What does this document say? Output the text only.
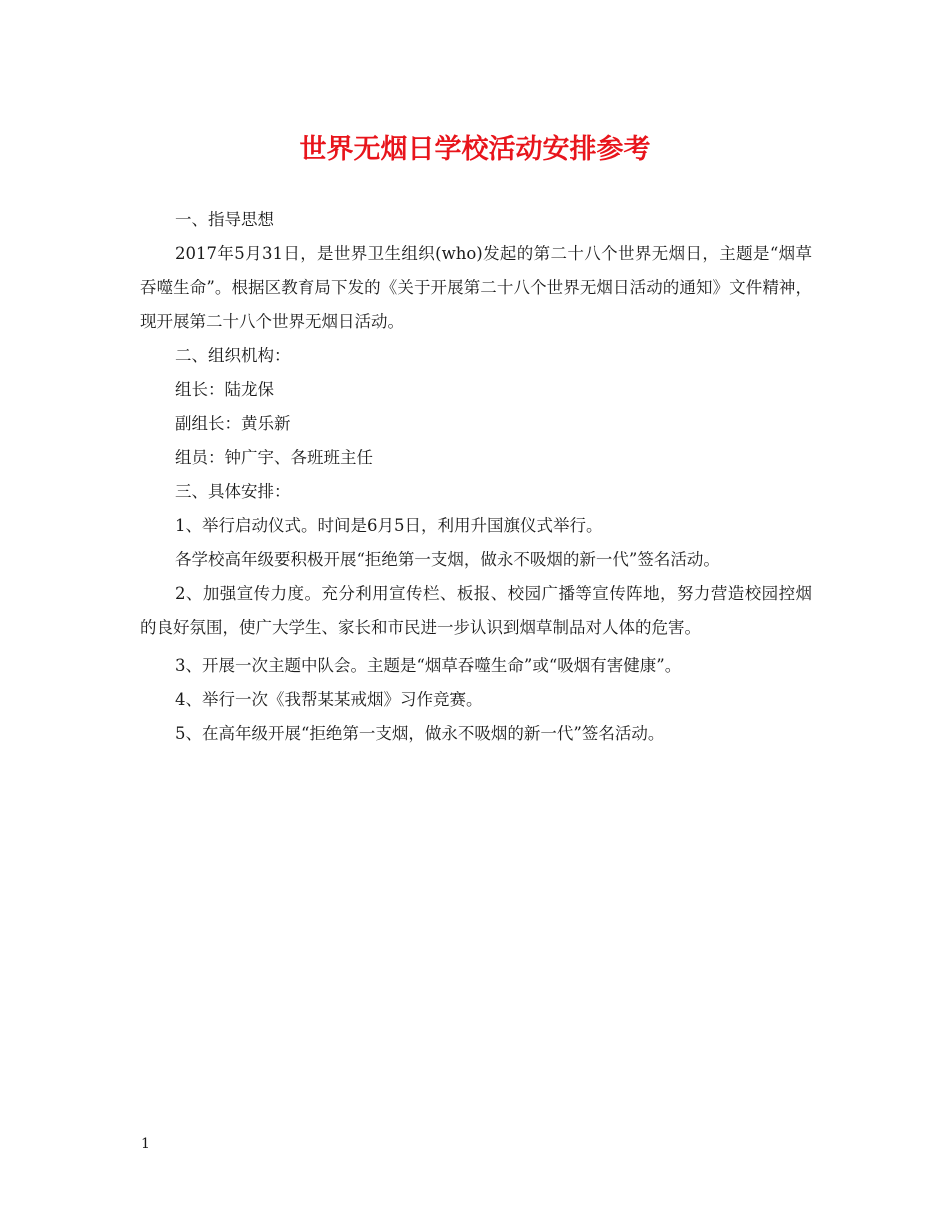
世界无烟日学校活动安排参考

一、指导思想

2017年5月31日，是世界卫生组织(who)发起的第二十八个世界无烟日，主题是“烟草吞噬生命”。根据区教育局下发的《关于开展第二十八个世界无烟日活动的通知》文件精神，现开展第二十八个世界无烟日活动。

二、组织机构：

组长：陆龙保

副组长：黄乐新

组员：钟广宇、各班班主任

三、具体安排：

1、举行启动仪式。时间是6月5日，利用升国旗仪式举行。

各学校高年级要积极开展“拒绝第一支烟，做永不吸烟的新一代”签名活动。

2、加强宣传力度。充分利用宣传栏、板报、校园广播等宣传阵地，努力营造校园控烟的良好氛围，使广大学生、家长和市民进一步认识到烟草制品对人体的危害。

3、开展一次主题中队会。主题是“烟草吞噬生命”或“吸烟有害健康”。

4、举行一次《我帮某某戒烟》习作竞赛。

5、在高年级开展“拒绝第一支烟，做永不吸烟的新一代”签名活动。

1
